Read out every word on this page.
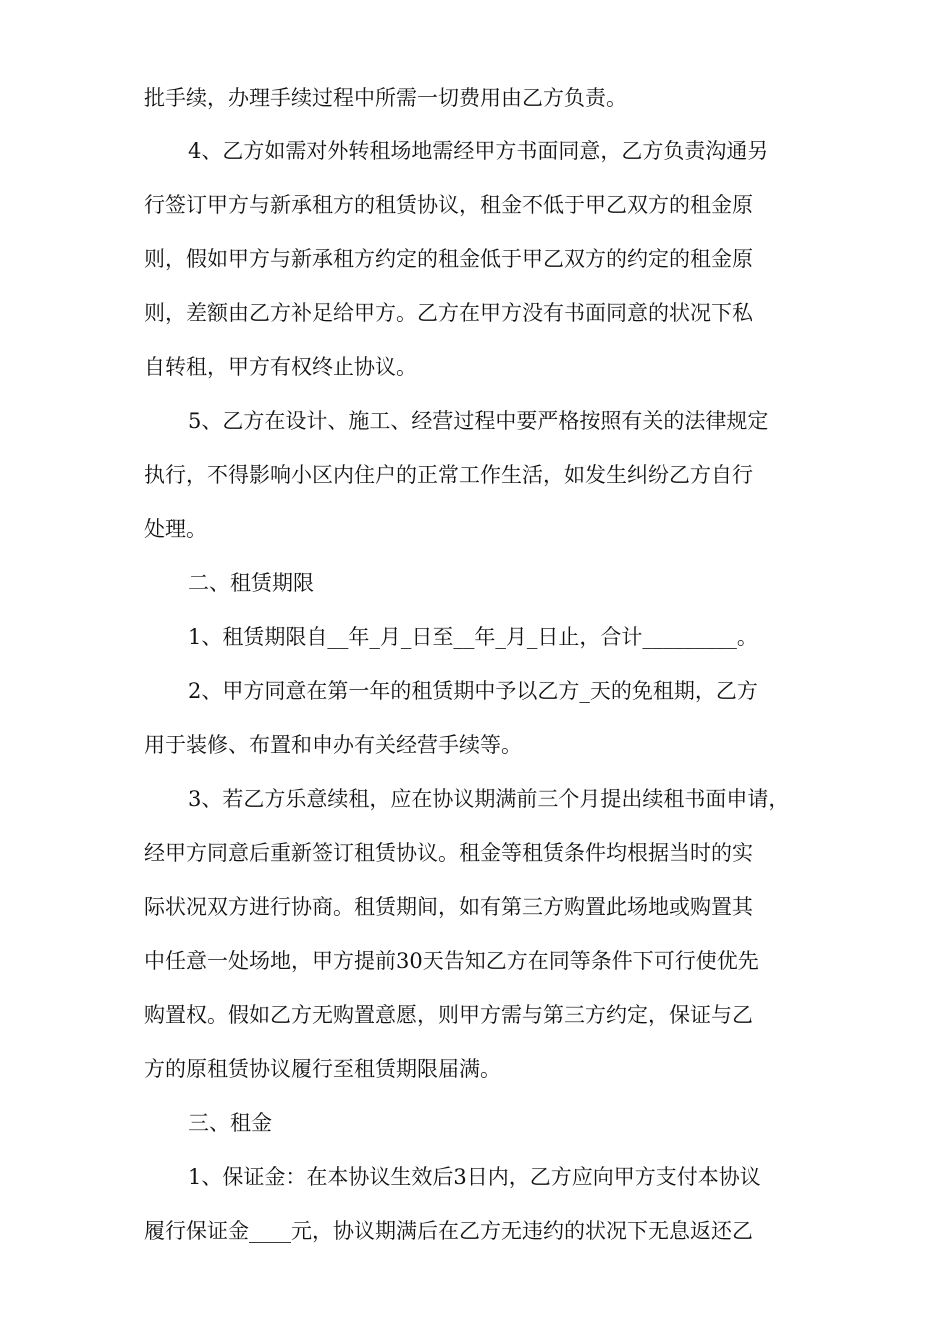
批手续，办理手续过程中所需一切费用由乙方负责。
4、乙方如需对外转租场地需经甲方书面同意，乙方负责沟通另
行签订甲方与新承租方的租赁协议，租金不低于甲乙双方的租金原
则，假如甲方与新承租方约定的租金低于甲乙双方的约定的租金原
则，差额由乙方补足给甲方。乙方在甲方没有书面同意的状况下私
自转租，甲方有权终止协议。
5、乙方在设计、施工、经营过程中要严格按照有关的法律规定
执行，不得影响小区内住户的正常工作生活，如发生纠纷乙方自行
处理。
二、租赁期限
1、租赁期限自__年_月_日至__年_月_日止，合计_________。
2、甲方同意在第一年的租赁期中予以乙方_天的免租期，乙方
用于装修、布置和申办有关经营手续等。
3、若乙方乐意续租，应在协议期满前三个月提出续租书面申请，
经甲方同意后重新签订租赁协议。租金等租赁条件均根据当时的实
际状况双方进行协商。租赁期间，如有第三方购置此场地或购置其
中任意一处场地，甲方提前30天告知乙方在同等条件下可行使优先
购置权。假如乙方无购置意愿，则甲方需与第三方约定，保证与乙
方的原租赁协议履行至租赁期限届满。
三、租金
1、保证金：在本协议生效后3日内，乙方应向甲方支付本协议
履行保证金____元，协议期满后在乙方无违约的状况下无息返还乙
